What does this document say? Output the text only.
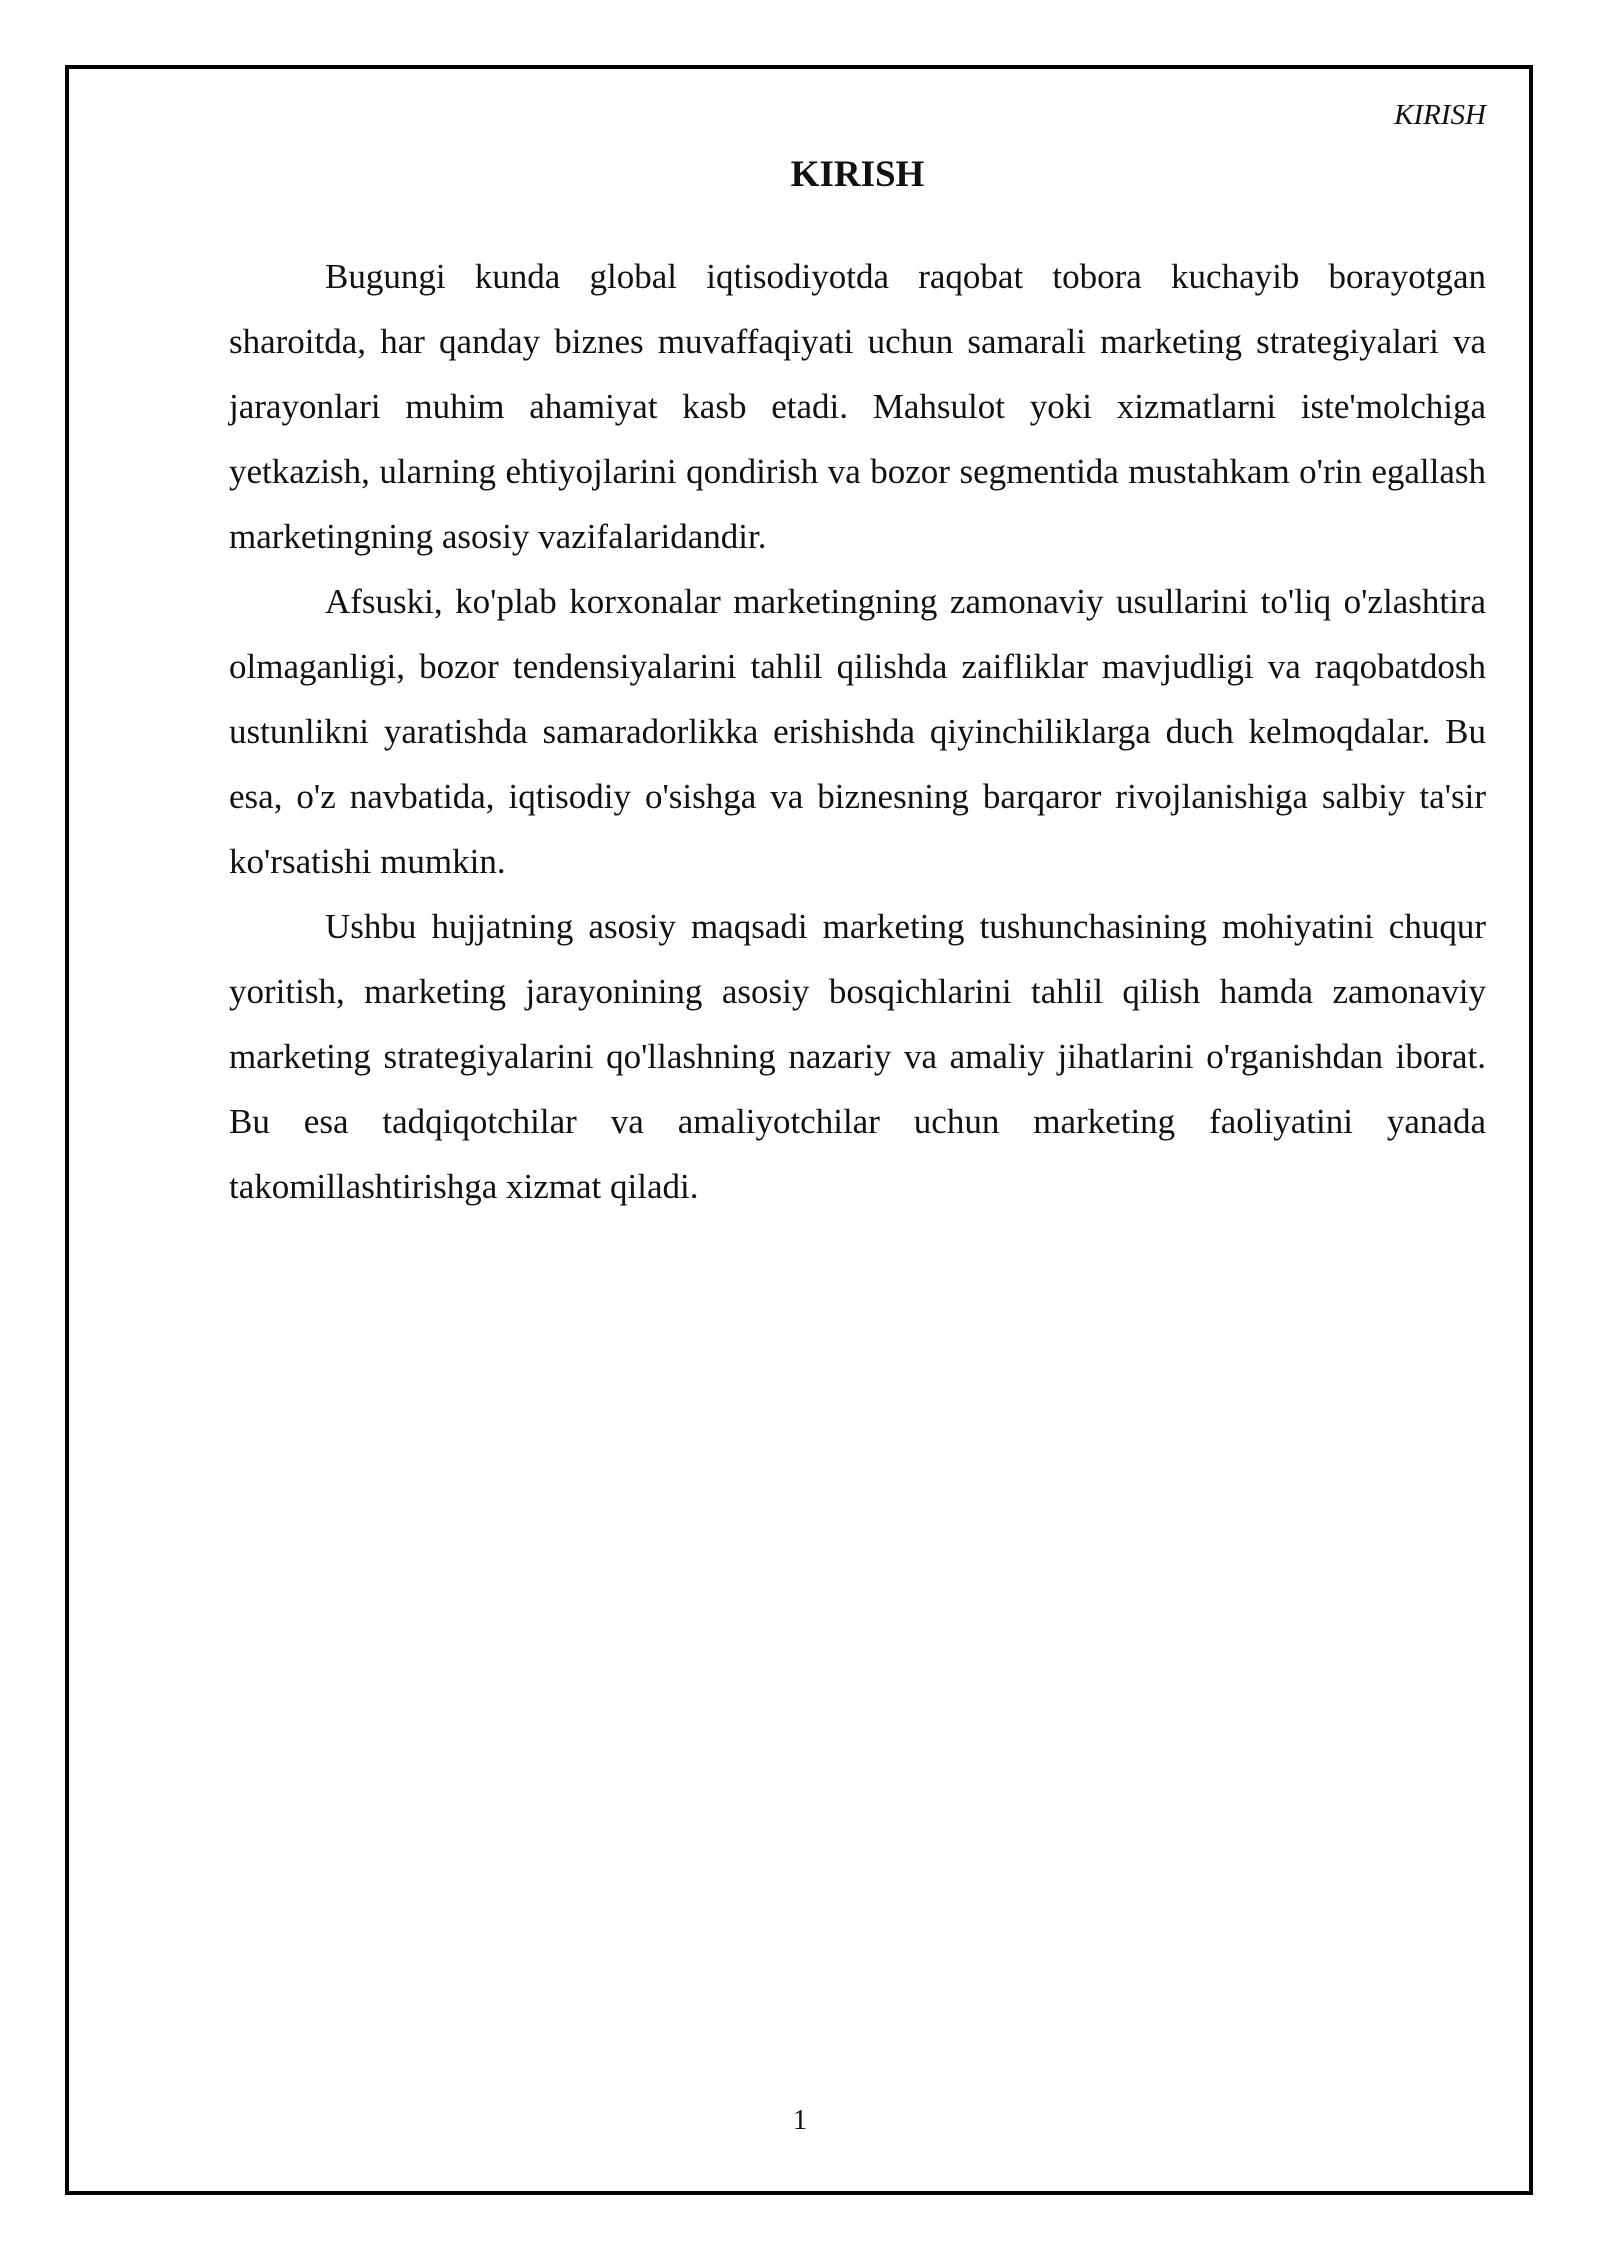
KIRISH
KIRISH

Bugungi kunda global iqtisodiyotda raqobat tobora kuchayib borayotgan sharoitda, har qanday biznes muvaffaqiyati uchun samarali marketing strategiyalari va jarayonlari muhim ahamiyat kasb etadi. Mahsulot yoki xizmatlarni iste'molchiga yetkazish, ularning ehtiyojlarini qondirish va bozor segmentida mustahkam o'rin egallash marketingning asosiy vazifalaridandir.

Afsuski, ko'plab korxonalar marketingning zamonaviy usullarini to'liq o'zlashtira olmaganligi, bozor tendensiyalarini tahlil qilishda zaifliklar mavjudligi va raqobatdosh ustunlikni yaratishda samaradorlikka erishishda qiyinchiliklarga duch kelmoqdalar. Bu esa, o'z navbatida, iqtisodiy o'sishga va biznesning barqaror rivojlanishiga salbiy ta'sir ko'rsatishi mumkin.

Ushbu hujjatning asosiy maqsadi marketing tushunchasining mohiyatini chuqur yoritish, marketing jarayonining asosiy bosqichlarini tahlil qilish hamda zamonaviy marketing strategiyalarini qo'llashning nazariy va amaliy jihatlarini o'rganishdan iborat. Bu esa tadqiqotchilar va amaliyotchilar uchun marketing faoliyatini yanada takomillashtirishga xizmat qiladi.

1
